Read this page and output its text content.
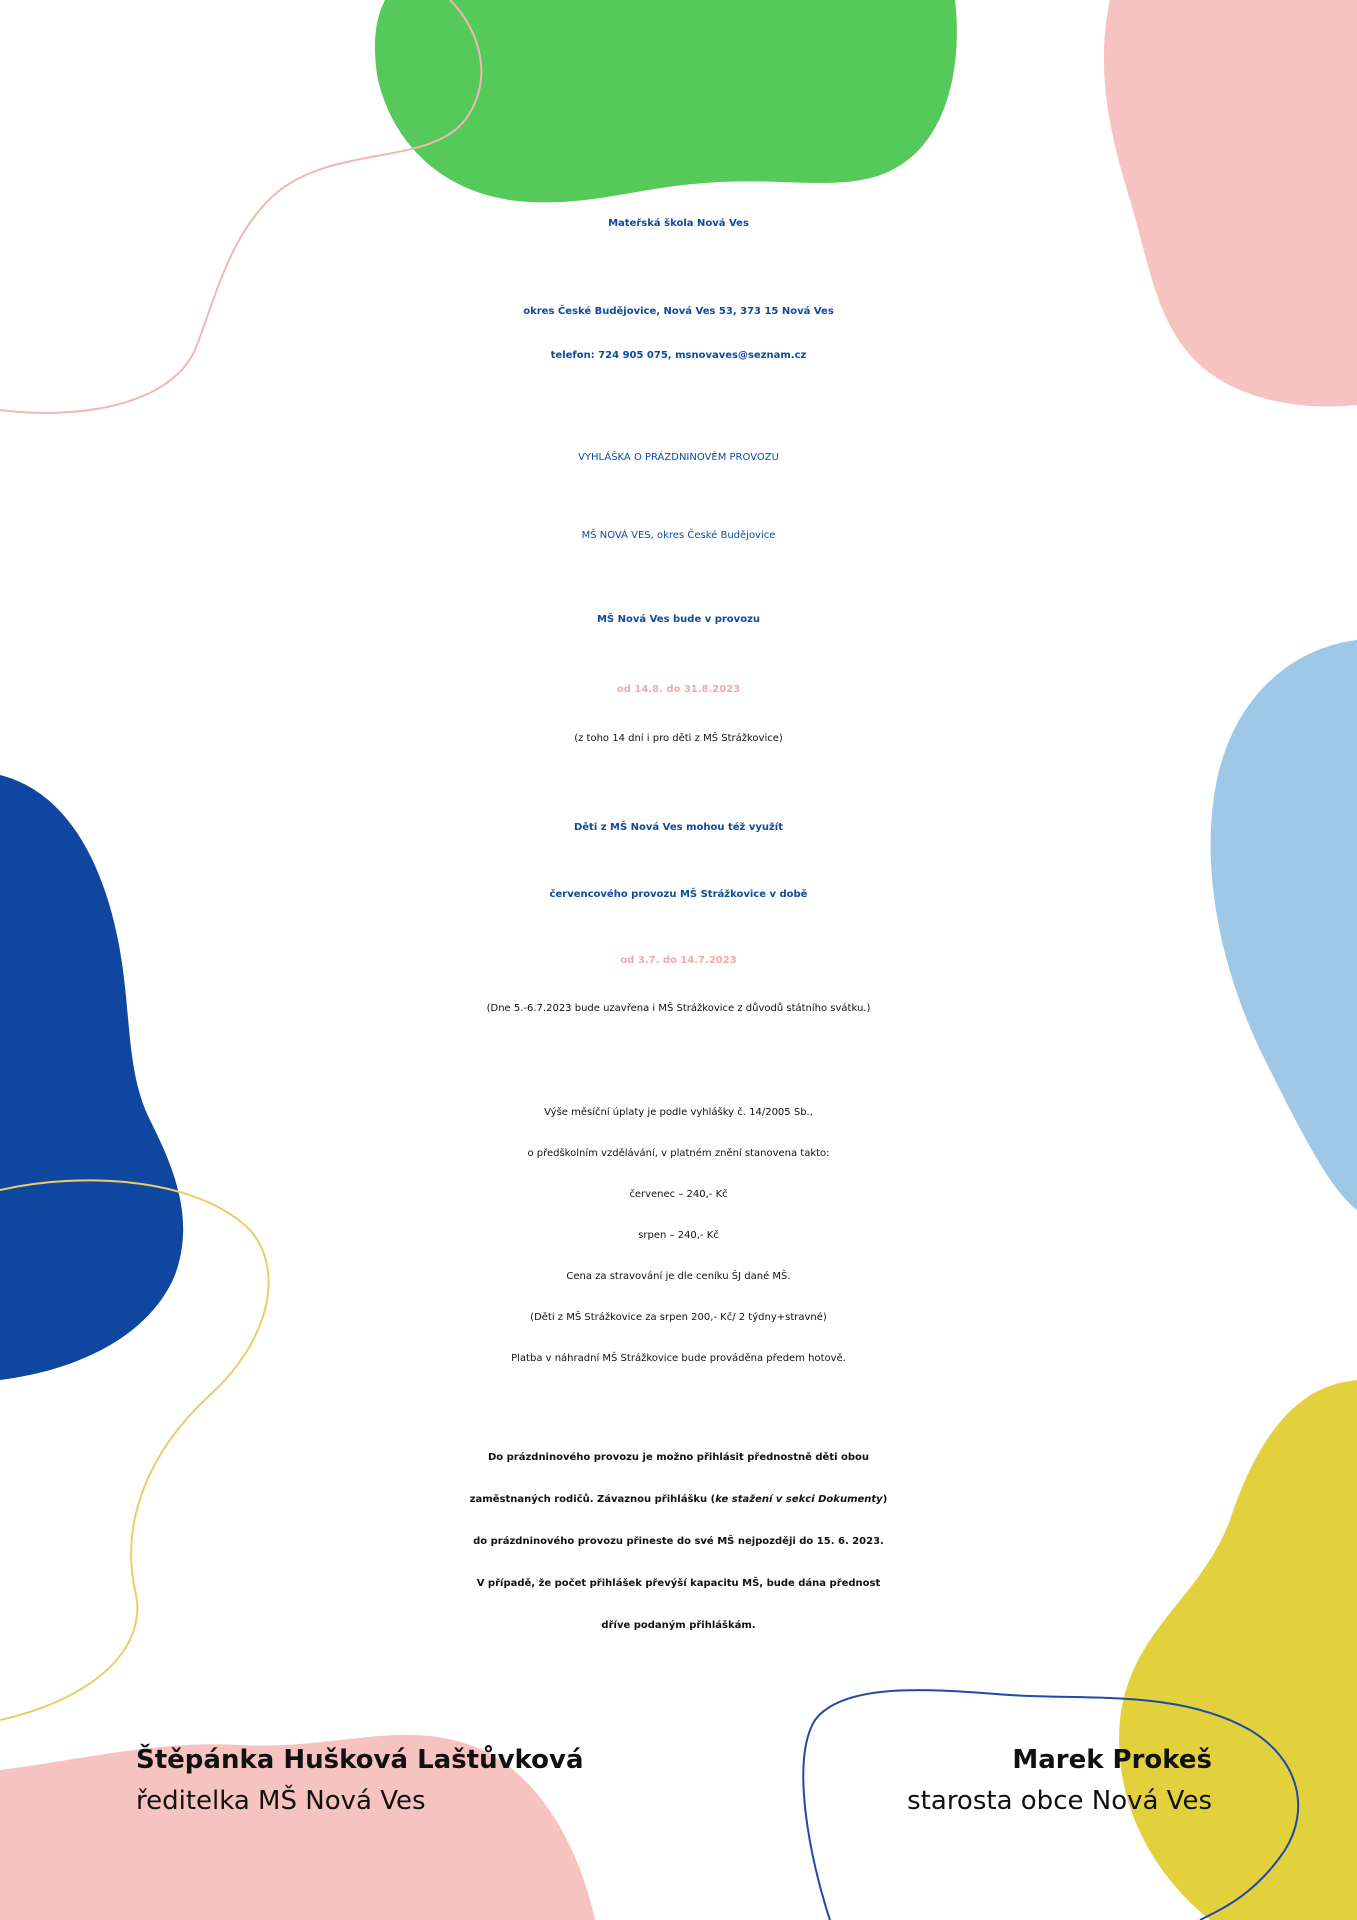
Mateřská škola Nová Ves

okres České Budějovice, Nová Ves 53, 373 15 Nová Ves

telefon: 724 905 075, msnovaves@seznam.cz

VYHLÁŠKA O PRÁZDNINOVÉM PROVOZU

MŠ NOVÁ VES, okres České Budějovice

MŠ Nová Ves bude v provozu

od 14.8. do 31.8.2023

(z toho 14 dní i pro děti z MŠ Strážkovice)

Děti z MŠ Nová Ves mohou též využít

červencového provozu MŠ Strážkovice v době

od 3.7. do 14.7.2023

(Dne 5.-6.7.2023 bude uzavřena i MŠ Strážkovice z důvodů státního svátku.)

Výše měsíční úplaty je podle vyhlášky č. 14/2005 Sb.,

o předškolním vzdělávání, v platném znění stanovena takto:

červenec – 240,- Kč

srpen – 240,- Kč

Cena za stravování je dle ceníku ŠJ dané MŠ.

(Děti z MŠ Strážkovice za srpen 200,- Kč/ 2 týdny+stravné)

Platba v náhradní MŠ Strážkovice bude prováděna předem hotově.

Do prázdninového provozu je možno přihlásit přednostně děti obou

zaměstnaných rodičů. Závaznou přihlášku (ke stažení v sekci Dokumenty)

do prázdninového provozu přineste do své MŠ nejpozději do 15. 6. 2023.

V případě, že počet přihlášek převýší kapacitu MŠ, bude dána přednost

dříve podaným přihláškám.

Štěpánka Hušková Laštůvková

ředitelka MŠ Nová Ves

Marek Prokeš

starosta obce Nová Ves
